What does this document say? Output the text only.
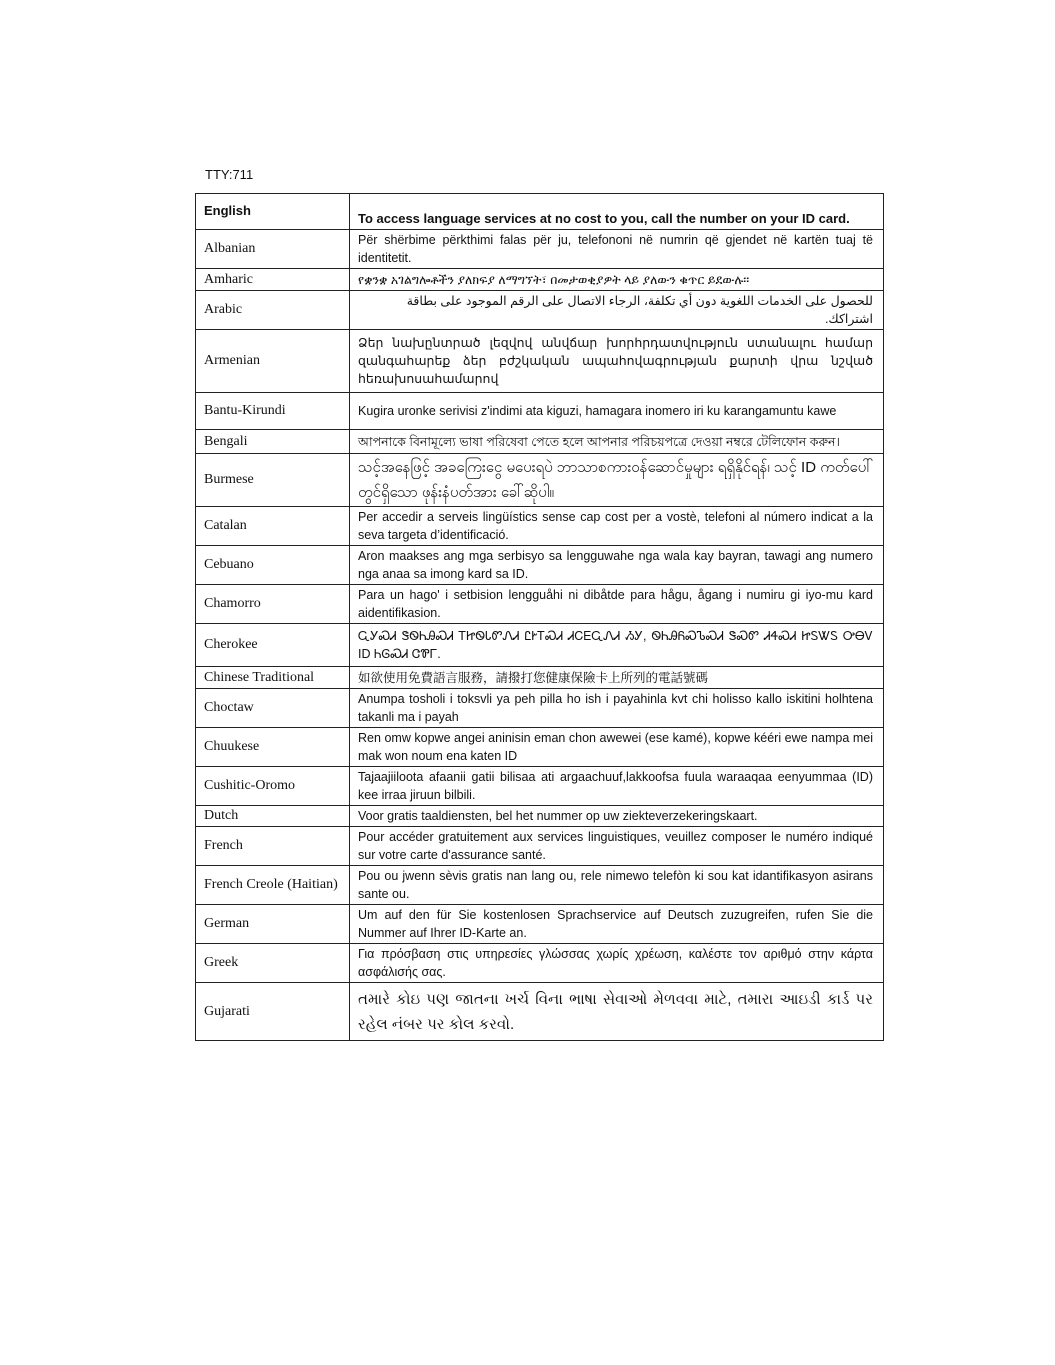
TTY:711
English	To access language services at no cost to you, call the number on your ID card.
Albanian	Për shërbime përkthimi falas për ju, telefononi në numrin që gjendet në kartën tuaj të identitetit.
Amharic	የቋንቋ አገልግሎቶችን ያለክፍያ ለማግኘት፣ በመታወቂያዎት ላይ ያለውን ቁጥር ይደውሉ፡፡
Arabic	للحصول على الخدمات اللغوية دون أي تكلفة، الرجاء الاتصال على الرقم الموجود على بطاقة اشتراكك.
Armenian	Ձեր նախընտրած լեզվով անվճար խորհրդատվություն ստանալու համար զանգահարեք ձեր բժշկական ապահովագրության քարտի վրա նշված հեռախոսահամարով
Bantu-Kirundi	Kugira uronke serivisi z'indimi ata kiguzi, hamagara inomero iri ku karangamuntu kawe
Bengali	আপনাকে বিনামূল্যে ভাষা পরিষেবা পেতে হলে আপনার পরিচয়পত্রে দেওয়া নম্বরে টেলিফোন করুন।
Burmese	သင့်အနေဖြင့် အခကြေးငွေ မပေးရပဲ ဘာသာစကားဝန်ဆောင်မှုများ ရရှိနိုင်ရန်၊ သင့် ID ကတ်ပေါ်တွင်ရှိသော ဖုန်းနံပတ်အား ခေါ်ဆိုပါ။
Catalan	Per accedir a serveis lingüístics sense cap cost per a vostè, telefoni al número indicat a la seva targeta d’identificació.
Cebuano	Aron maakses ang mga serbisyo sa lengguwahe nga wala kay bayran, tawagi ang numero nga anaa sa imong kard sa ID.
Chamorro	Para un hago' i setbision lengguåhi ni dibåtde para hågu, ågang i numiru gi iyo-mu kard aidentifikasion.
Cherokee	ᏩᎩᏍᏗ ᏕᏫᏂᎯᏍᏗ ᎢᏥᏫᏓᏛᏁᏗ ᏝᎨᎢᏍᏗ ᏗᏟᎬᏩᏁᏗ ᏱᎩ, ᏫᏂᎯᏲᏍᏖᏍᏗ ᏕᏍᏛ ᏗᏎᏍᏗ ᏥᏚᏔᏚ ᎤᎾᏙ ID ᏂᎶᏍᏗ ᏣᏈᎱ.
Chinese Traditional	如欲使用免費語言服務，請撥打您健康保險卡上所列的電話號碼
Choctaw	Anumpa tosholi i toksvli ya peh pilla ho ish i payahinla kvt chi holisso kallo iskitini holhtena takanli ma i payah
Chuukese	Ren omw kopwe angei aninisin eman chon awewei (ese kamé), kopwe kééri ewe nampa mei mak won noum ena katen ID
Cushitic-Oromo	Tajaajiiloota afaanii gatii bilisaa ati argaachuuf,lakkoofsa fuula waraaqaa eenyummaa (ID) kee irraa jiruun bilbili.
Dutch	Voor gratis taaldiensten, bel het nummer op uw ziekteverzekeringskaart.
French	Pour accéder gratuitement aux services linguistiques, veuillez composer le numéro indiqué sur votre carte d'assurance santé.
French Creole (Haitian)	Pou ou jwenn sèvis gratis nan lang ou, rele nimewo telefòn ki sou kat idantifikasyon asirans sante ou.
German	Um auf den für Sie kostenlosen Sprachservice auf Deutsch zuzugreifen, rufen Sie die Nummer auf Ihrer ID-Karte an.
Greek	Για πρόσβαση στις υπηρεσίες γλώσσας χωρίς χρέωση, καλέστε τον αριθμό στην κάρτα ασφάλισής σας.
Gujarati	તમારે કોઇ પણ જાતના ખર્ચ વિના ભાષા સેવાઓ મેળવવા માટે, તમારા આઇડી કાર્ડ પર રહેલ નંબર પર કોલ કરવો.
